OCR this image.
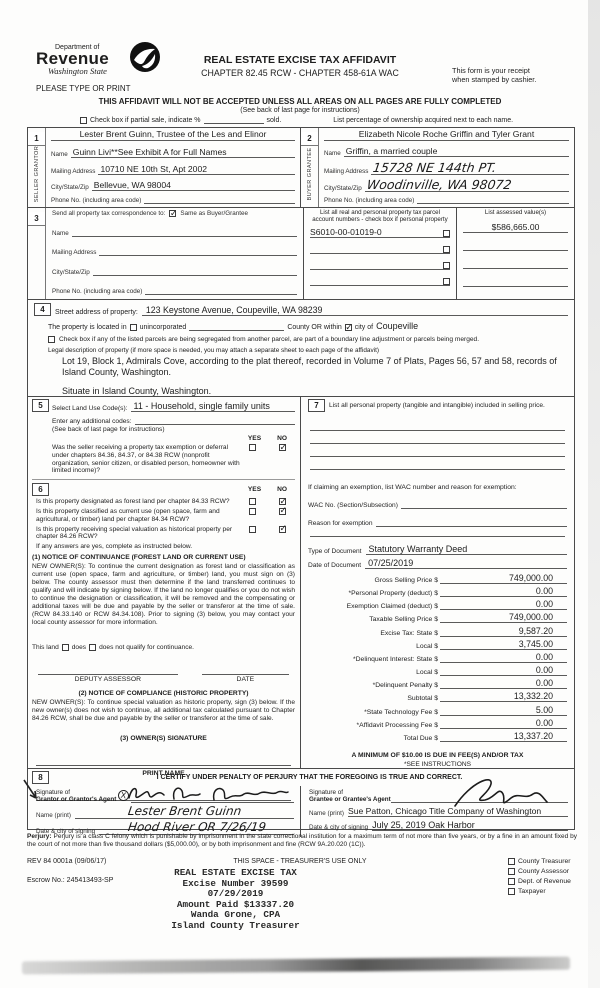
Department of
Revenue
Washington State
PLEASE TYPE OR PRINT
REAL ESTATE EXCISE TAX AFFIDAVIT
CHAPTER 82.45 RCW - CHAPTER 458-61A WAC	This form is your receipt
when stamped by cashier.
THIS AFFIDAVIT WILL NOT BE ACCEPTED UNLESS ALL AREAS ON ALL PAGES ARE FULLY COMPLETED
(See back of last page for instructions)
Check box if partial sale, indicate %	sold.	List percentage of ownership acquired next to each name.
1
SELLER GRANTOR
Lester Brent Guinn, Trustee of the Les and Elinor
Name Guinn Livi**See Exhibit A for Full Names
Mailing Address 10710 NE 10th St, Apt 2002
City/State/Zip Bellevue, WA 98004
Phone No. (including area code)
2
BUYER GRANTEE
Elizabeth Nicole Roche Griffin and Tyler Grant
Name Griffin, a married couple
Mailing Address 15728 NE 144th PT.
City/State/Zip Woodinville, WA 98072
Phone No. (including area code)
3
Send all property tax correspondence to: ✓ Same as Buyer/Grantee
Name
Mailing Address
City/State/Zip
Phone No. (including area code)
List all real and personal property tax parcel account numbers - check box if personal property
S6010-00-01019-0
List assessed value(s)
$586,665.00
4	Street address of property: 123 Keystone Avenue, Coupeville, WA 98239
The property is located in unincorporated	County OR within ✓ city of Coupeville
Check box if any of the listed parcels are being segregated from another parcel, are part of a boundary line adjustment or parcels being merged.
Legal description of property (if more space is needed, you may attach a separate sheet to each page of the affidavit)
Lot 19, Block 1, Admirals Cove, according to the plat thereof, recorded in Volume 7 of Plats, Pages 56, 57 and 58, records of Island County, Washington.
Situate in Island County, Washington.
5	Select Land Use Code(s): 11 - Household, single family units
Enter any additional codes:
(See back of last page for instructions)
YES NO
Was the seller receiving a property tax exemption or deferral under chapters 84.36, 84.37, or 84.38 RCW (nonprofit organization, senior citizen, or disabled person, homeowner with limited income)?
✓
6	YES NO
Is this property designated as forest land per chapter 84.33 RCW?
✓
Is this property classified as current use (open space, farm and agricultural, or timber) land per chapter 84.34 RCW?
✓
Is this property receiving special valuation as historical property per chapter 84.26 RCW?
✓
If any answers are yes, complete as instructed below.
(1) NOTICE OF CONTINUANCE (FOREST LAND OR CURRENT USE)
NEW OWNER(S): To continue the current designation as forest land or classification as current use (open space, farm and agriculture, or timber) land, you must sign on (3) below. The county assessor must then determine if the land transferred continues to qualify and will indicate by signing below. If the land no longer qualifies or you do not wish to continue the designation or classification, it will be removed and the compensating or additional taxes will be due and payable by the seller or transferor at the time of sale. (RCW 84.33.140 or RCW 84.34.108). Prior to signing (3) below, you may contact your local county assessor for more information.
This land does does not qualify for continuance.
DEPUTY ASSESSOR	DATE
(2) NOTICE OF COMPLIANCE (HISTORIC PROPERTY)
NEW OWNER(S): To continue special valuation as historic property, sign (3) below. If the new owner(s) does not wish to continue, all additional tax calculated pursuant to Chapter 84.26 RCW, shall be due and payable by the seller or transferor at the time of sale.
(3) OWNER(S) SIGNATURE
PRINT NAME
7	List all personal property (tangible and intangible) included in selling price.
If claiming an exemption, list WAC number and reason for exemption:
WAC No. (Section/Subsection)
Reason for exemption
Type of Document Statutory Warranty Deed
Date of Document 07/25/2019
Gross Selling Price $	749,000.00
*Personal Property (deduct) $	0.00
Exemption Claimed (deduct) $	0.00
Taxable Selling Price $	749,000.00
Excise Tax: State $	9,587.20
Local $	3,745.00
*Delinquent Interest: State $	0.00
Local $	0.00
*Delinquent Penalty $	0.00
Subtotal $	13,332.20
*State Technology Fee $	5.00
*Affidavit Processing Fee $	0.00
Total Due $	13,337.20
A MINIMUM OF $10.00 IS DUE IN FEE(S) AND/OR TAX
*SEE INSTRUCTIONS
8	I CERTIFY UNDER PENALTY OF PERJURY THAT THE FOREGOING IS TRUE AND CORRECT.
Signature of
Grantor or Grantor's Agent X
Name (print)	Lester Brent Guinn
Date & city of signing	Hood River OR 7/26/19
Signature of
Grantee or Grantee's Agent
Name (print) Sue Patton, Chicago Title Company of Washington
Date & city of signing July 25, 2019 Oak Harbor
Perjury: Perjury is a class C felony which is punishable by imprisonment in the state correctional institution for a maximum term of not more than five years, or by a fine in an amount fixed by the court of not more than five thousand dollars ($5,000.00), or by both imprisonment and fine (RCW 9A.20.020 (1C)).
REV 84 0001a (09/06/17)	THIS SPACE - TREASURER'S USE ONLY
Escrow No.: 245413493-SP
REAL ESTATE EXCISE TAX
Excise Number 39599
07/29/2019
Amount Paid $13337.20
Wanda Grone, CPA
Island County Treasurer
County Treasurer
County Assessor
Dept. of Revenue
Taxpayer
